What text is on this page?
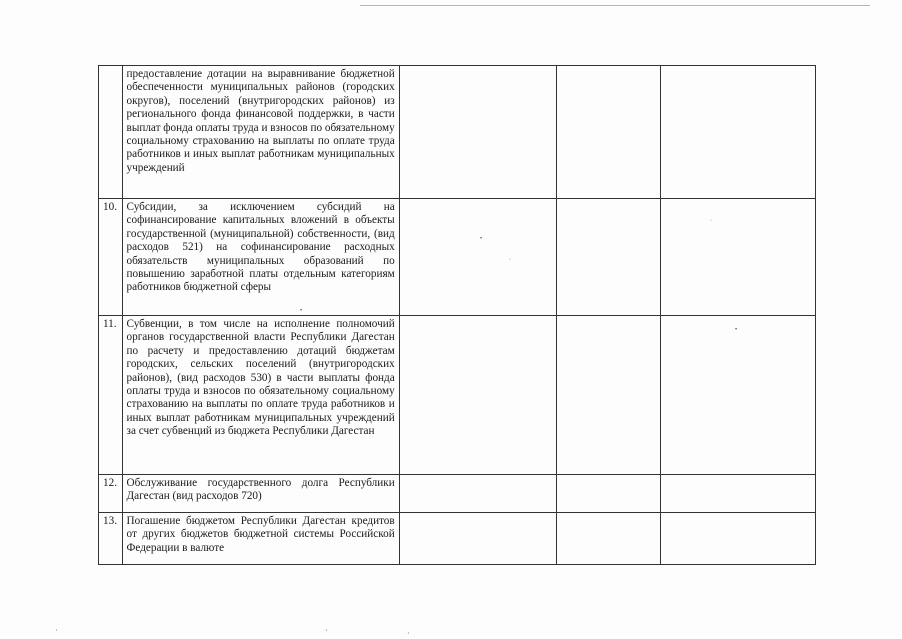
	предоставление дотации на выравнивание бюджетной обеспеченности муниципальных районов (городских округов), поселений (внутригородских районов) из регионального фонда финансовой поддержки, в части выплат фонда оплаты труда и взносов по обязательному социальному страхованию на выплаты по оплате труда работников и иных выплат работникам муниципальных учреждений			

10.	Субсидии, за исключением субсидий на софинансирование капитальных вложений в объекты государственной (муниципальной) собственности, (вид расходов 521) на софинансирование расходных обязательств муниципальных образований по повышению заработной платы отдельным категориям работников бюджетной сферы			

11.	Субвенции, в том числе на исполнение полномочий органов государственной власти Республики Дагестан по расчету и предоставлению дотаций бюджетам городских, сельских поселений (внутригородских районов), (вид расходов 530) в части выплаты фонда оплаты труда и взносов по обязательному социальному страхованию на выплаты по оплате труда работников и иных выплат работникам муниципальных учреждений за счет субвенций из бюджета Республики Дагестан			

12.	Обслуживание государственного долга Республики Дагестан (вид расходов 720)			

13.	Погашение бюджетом Республики Дагестан кредитов от других бюджетов бюджетной системы Российской Федерации в валюте			

•
·
·
•
•
·	·	·
